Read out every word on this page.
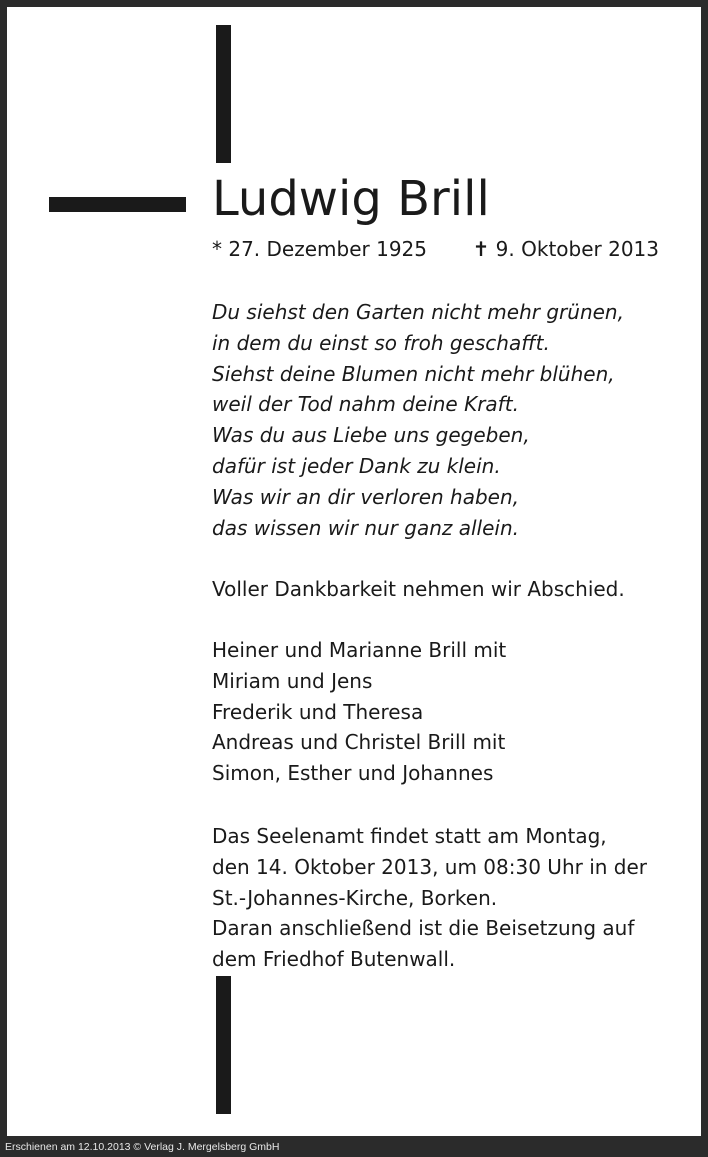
Ludwig Brill
* 27. Dezember 1925 ✝ 9. Oktober 2013
Du siehst den Garten nicht mehr grünen,
in dem du einst so froh geschafft.
Siehst deine Blumen nicht mehr blühen,
weil der Tod nahm deine Kraft.
Was du aus Liebe uns gegeben,
dafür ist jeder Dank zu klein.
Was wir an dir verloren haben,
das wissen wir nur ganz allein.
Voller Dankbarkeit nehmen wir Abschied.
Heiner und Marianne Brill mit
Miriam und Jens
Frederik und Theresa
Andreas und Christel Brill mit
Simon, Esther und Johannes
Das Seelenamt findet statt am Montag,
den 14. Oktober 2013, um 08:30 Uhr in der
St.-Johannes-Kirche, Borken.
Daran anschließend ist die Beisetzung auf
dem Friedhof Butenwall.
Erschienen am 12.10.2013 © Verlag J. Mergelsberg GmbH
